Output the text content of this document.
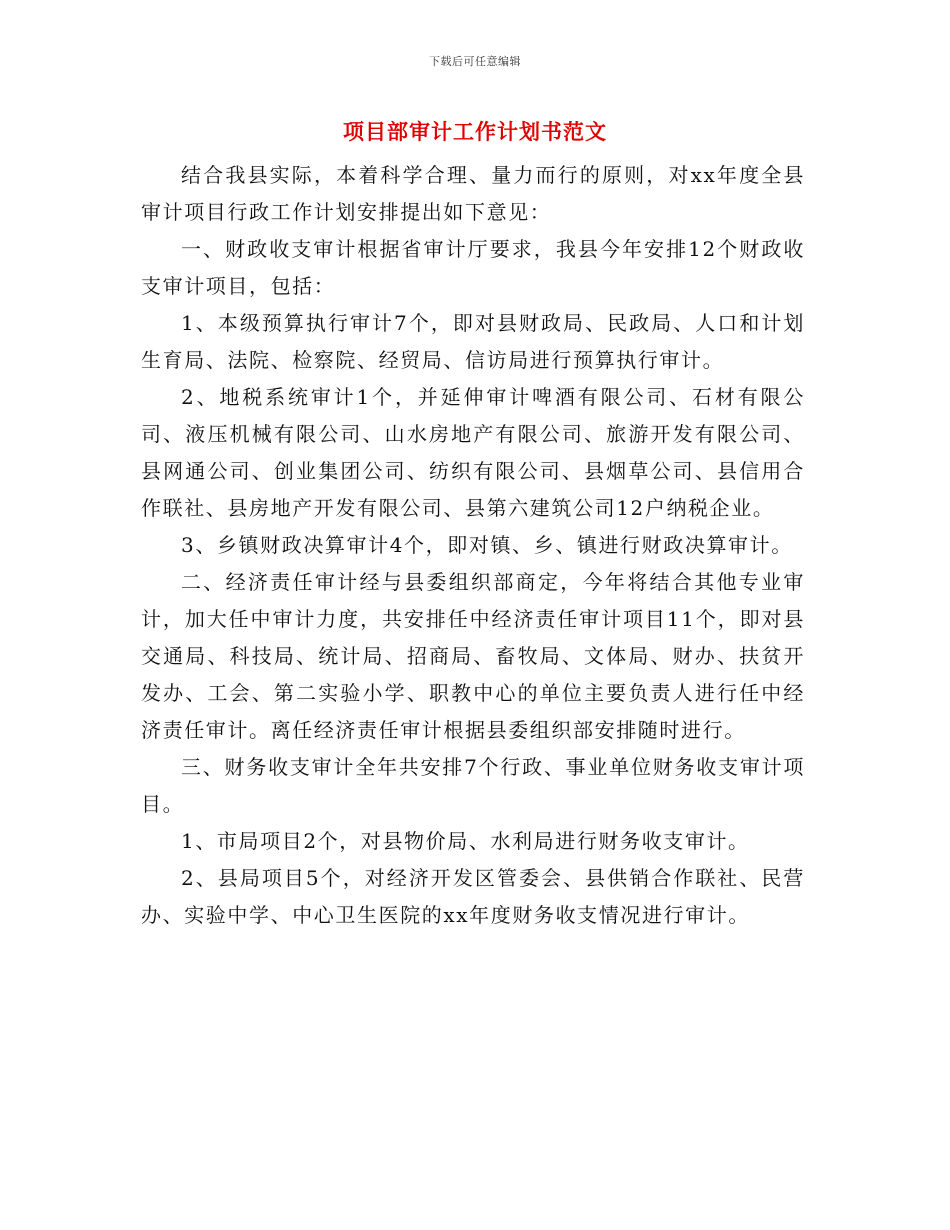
下载后可任意编辑
项目部审计工作计划书范文

结合我县实际，本着科学合理、量力而行的原则，对xx年度全县审计项目行政工作计划安排提出如下意见：

一、财政收支审计根据省审计厅要求，我县今年安排12个财政收支审计项目，包括：

1、本级预算执行审计7个，即对县财政局、民政局、人口和计划生育局、法院、检察院、经贸局、信访局进行预算执行审计。

2、地税系统审计1个，并延伸审计啤酒有限公司、石材有限公司、液压机械有限公司、山水房地产有限公司、旅游开发有限公司、县网通公司、创业集团公司、纺织有限公司、县烟草公司、县信用合作联社、县房地产开发有限公司、县第六建筑公司12户纳税企业。

3、乡镇财政决算审计4个，即对镇、乡、镇进行财政决算审计。

二、经济责任审计经与县委组织部商定，今年将结合其他专业审计，加大任中审计力度，共安排任中经济责任审计项目11个，即对县交通局、科技局、统计局、招商局、畜牧局、文体局、财办、扶贫开发办、工会、第二实验小学、职教中心的单位主要负责人进行任中经济责任审计。离任经济责任审计根据县委组织部安排随时进行。

三、财务收支审计全年共安排7个行政、事业单位财务收支审计项目。

1、市局项目2个，对县物价局、水利局进行财务收支审计。

2、县局项目5个，对经济开发区管委会、县供销合作联社、民营办、实验中学、中心卫生医院的xx年度财务收支情况进行审计。
